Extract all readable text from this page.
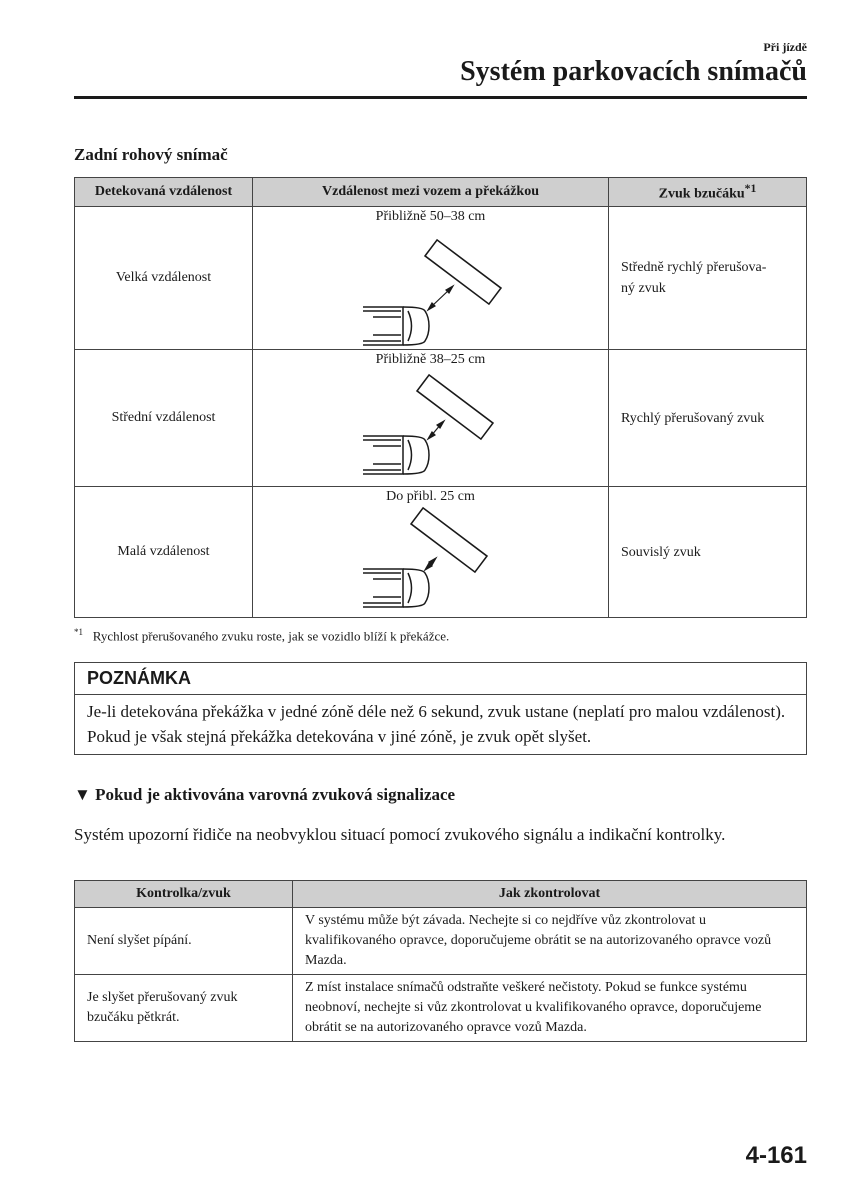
Při jízdě
Systém parkovacích snímačů
Zadní rohový snímač
Detekovaná vzdálenost	Vzdálenost mezi vozem a překážkou	Zvuk bzučáku$^{*1}$
Velká vzdálenost	Přibližně 50–38 cm	Středně rychlý přerušova-
ný zvuk
Střední vzdálenost	Přibližně 38–25 cm	Rychlý přerušovaný zvuk
Malá vzdálenost	Do přibl. 25 cm	Souvislý zvuk
$^{*1}$ Rychlost přerušovaného zvuku roste, jak se vozidlo blíží k překážce.
POZNÁMKA
Je-li detekována překážka v jedné zóně déle než 6 sekund, zvuk ustane (neplatí pro malou vzdálenost). Pokud je však stejná překážka detekována v jiné zóně, je zvuk opět slyšet.
▼ Pokud je aktivována varovná zvuková signalizace

Systém upozorní řidiče na neobvyklou situací pomocí zvukového signálu a indikační kontrolky.

Kontrolka/zvuk	Jak zkontrolovat
Není slyšet pípání.	V systému může být závada. Nechejte si co nejdříve vůz zkontrolovat u kvalifikovaného opravce, doporučujeme obrátit se na autorizovaného opravce vozů Mazda.
Je slyšet přerušovaný zvuk bzučáku pětkrát.	Z míst instalace snímačů odstraňte veškeré nečistoty. Pokud se funkce systému neobnoví, nechejte si vůz zkontrolovat u kvalifikovaného opravce, doporučujeme obrátit se na autorizovaného opravce vozů Mazda.
4-161
